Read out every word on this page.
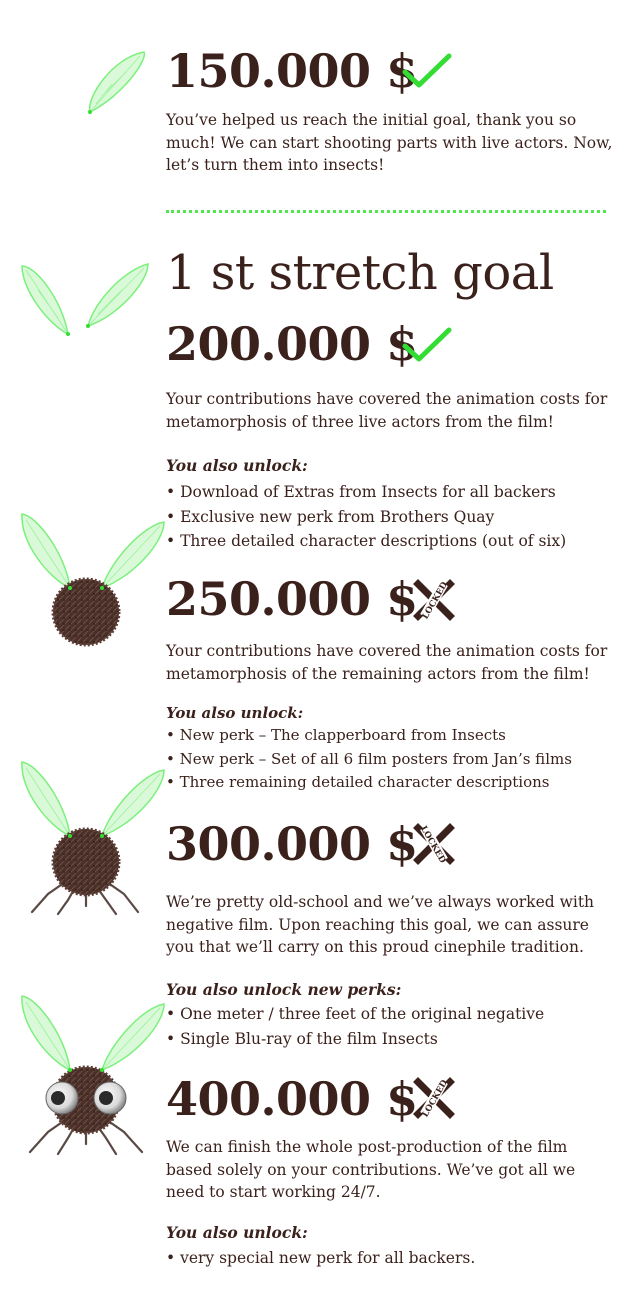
150.000 $

You’ve helped us reach the initial goal, thank you so much! We can start shooting parts with live actors. Now, let’s turn them into insects!

1 st stretch goal
200.000 $

Your contributions have covered the animation costs for metamorphosis of three live actors from the film!

You also unlock:

• Download of Extras from Insects for all backers
• Exclusive new perk from Brothers Quay
• Three detailed character descriptions (out of six)
250.000 $ LOCKED

Your contributions have covered the animation costs for metamorphosis of the remaining actors from the film!

You also unlock:

• New perk – The clapperboard from Insects
• New perk – Set of all 6 film posters from Jan’s films
• Three remaining detailed character descriptions
300.000 $ LOCKED

We’re pretty old-school and we’ve always worked with negative film. Upon reaching this goal, we can assure you that we’ll carry on this proud cinephile tradition.

You also unlock new perks:

• One meter / three feet of the original negative
• Single Blu-ray of the film Insects
400.000 $ LOCKED

We can finish the whole post-production of the film based solely on your contributions. We’ve got all we need to start working 24/7.

You also unlock:

• very special new perk for all backers.
